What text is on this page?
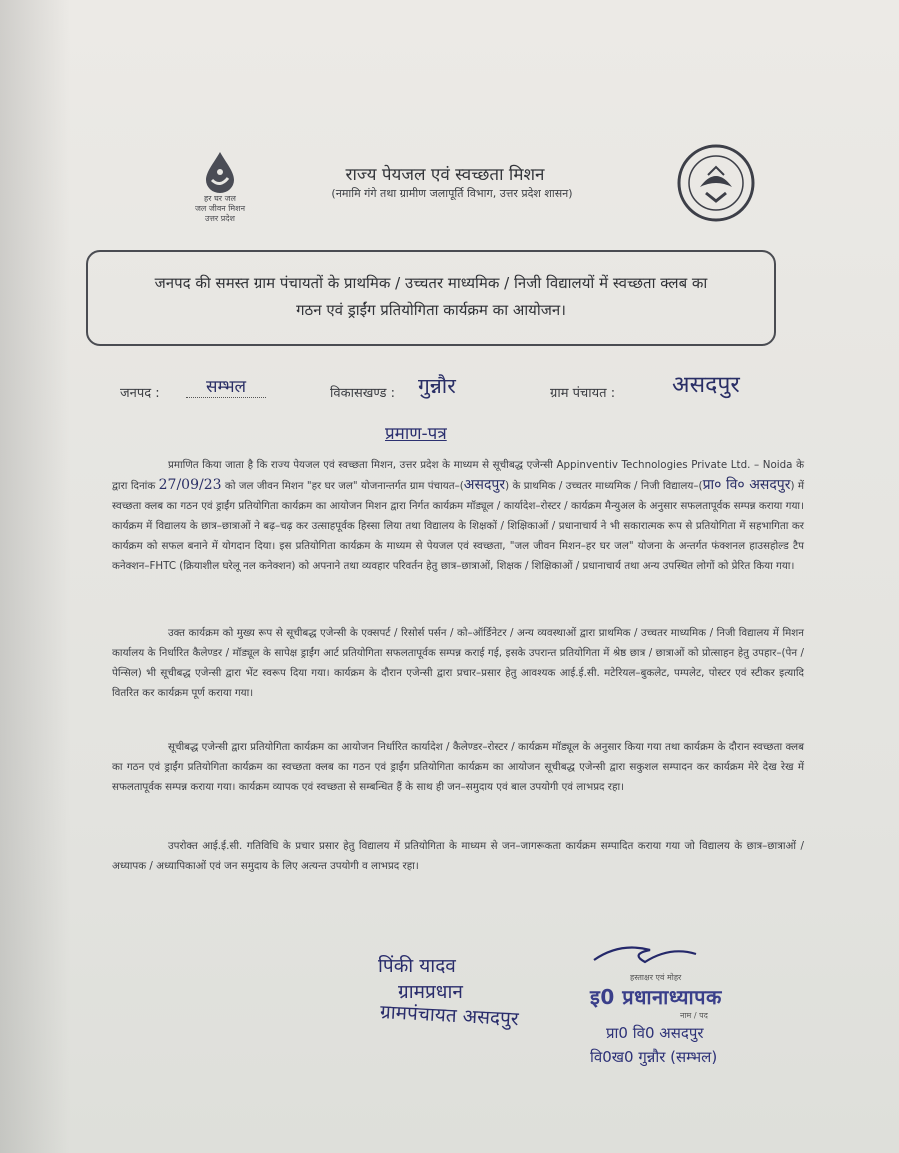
हर घर जल
जल जीवन मिशन
उत्तर प्रदेश
राज्य पेयजल एवं स्वच्छता मिशन
(नमामि गंगे तथा ग्रामीण जलापूर्ति विभाग, उत्तर प्रदेश शासन)
जनपद की समस्त ग्राम पंचायतों के प्राथमिक / उच्चतर माध्यमिक / निजी विद्यालयों में स्वच्छता क्लब का
गठन एवं ड्राईंग प्रतियोगिता कार्यक्रम का आयोजन।
जनपद :	सम्भल	विकासखण्ड : गुन्नौर	ग्राम पंचायत : असदपुर
प्रमाण-पत्र

प्रमाणित किया जाता है कि राज्य पेयजल एवं स्वच्छता मिशन, उत्तर प्रदेश के माध्यम से सूचीबद्ध एजेन्सी Appinventiv Technologies Private Ltd. – Noida के द्वारा दिनांक 27/09/23 को जल जीवन मिशन "हर घर जल" योजनान्तर्गत ग्राम पंचायत–(असदपुर) के प्राथमिक / उच्चतर माध्यमिक / निजी विद्यालय–(प्रा० वि० असदपुर) में स्वच्छता क्लब का गठन एवं ड्राईंग प्रतियोगिता कार्यक्रम का आयोजन मिशन द्वारा निर्गत कार्यक्रम मॉड्यूल / कार्यादेश–रोस्टर / कार्यक्रम मैन्युअल के अनुसार सफलतापूर्वक सम्पन्न कराया गया। कार्यक्रम में विद्यालय के छात्र–छात्राओं ने बढ़–चढ़ कर उत्साहपूर्वक हिस्सा लिया तथा विद्यालय के शिक्षकों / शिक्षिकाओं / प्रधानाचार्य ने भी सकारात्मक रूप से प्रतियोगिता में सहभागिता कर कार्यक्रम को सफल बनाने में योगदान दिया। इस प्रतियोगिता कार्यक्रम के माध्यम से पेयजल एवं स्वच्छता, "जल जीवन मिशन–हर घर जल" योजना के अन्तर्गत फंक्शनल हाउसहोल्ड टैप कनेक्शन–FHTC (क्रियाशील घरेलू नल कनेक्शन) को अपनाने तथा व्यवहार परिवर्तन हेतु छात्र–छात्राओं, शिक्षक / शिक्षिकाओं / प्रधानाचार्य तथा अन्य उपस्थित लोगों को प्रेरित किया गया।

उक्त कार्यक्रम को मुख्य रूप से सूचीबद्ध एजेन्सी के एक्सपर्ट / रिसोर्स पर्सन / को–ऑर्डिनेटर / अन्य व्यवस्थाओं द्वारा प्राथमिक / उच्चतर माध्यमिक / निजी विद्यालय में मिशन कार्यालय के निर्धारित कैलेण्डर / मॉड्यूल के सापेक्ष ड्राईंग आर्ट प्रतियोगिता सफलतापूर्वक सम्पन्न कराई गई, इसके उपरान्त प्रतियोगिता में श्रेष्ठ छात्र / छात्राओं को प्रोत्साहन हेतु उपहार–(पेन / पेन्सिल) भी सूचीबद्ध एजेन्सी द्वारा भेंट स्वरूप दिया गया। कार्यक्रम के दौरान एजेन्सी द्वारा प्रचार–प्रसार हेतु आवश्यक आई.ई.सी. मटेरियल–बुकलेट, पम्पलेट, पोस्टर एवं स्टीकर इत्यादि वितरित कर कार्यक्रम पूर्ण कराया गया।

सूचीबद्ध एजेन्सी द्वारा प्रतियोगिता कार्यक्रम का आयोजन निर्धारित कार्यादेश / कैलेण्डर–रोस्टर / कार्यक्रम मॉड्यूल के अनुसार किया गया तथा कार्यक्रम के दौरान स्वच्छता क्लब का गठन एवं ड्राईंग प्रतियोगिता कार्यक्रम का स्वच्छता क्लब का गठन एवं ड्राईंग प्रतियोगिता कार्यक्रम का आयोजन सूचीबद्ध एजेन्सी द्वारा सकुशल सम्पादन कर कार्यक्रम मेरे देख रेख में सफलतापूर्वक सम्पन्न कराया गया। कार्यक्रम व्यापक एवं स्वच्छता से सम्बन्धित हैं के साथ ही जन–समुदाय एवं बाल उपयोगी एवं लाभप्रद रहा।

उपरोक्त आई.ई.सी. गतिविधि के प्रचार प्रसार हेतु विद्यालय में प्रतियोगिता के माध्यम से जन–जागरूकता कार्यक्रम सम्पादित कराया गया जो विद्यालय के छात्र–छात्राओं / अध्यापक / अध्यापिकाओं एवं जन समुदाय के लिए अत्यन्त उपयोगी व लाभप्रद रहा।

पिंकी यादव
ग्रामप्रधान
ग्रामपंचायत असदपुर
हस्ताक्षर एवं मोहर
इ0 प्रधानाध्यापक
नाम / पद
प्रा0 वि0 असदपुर
वि0ख0 गुन्नौर (सम्भल)
